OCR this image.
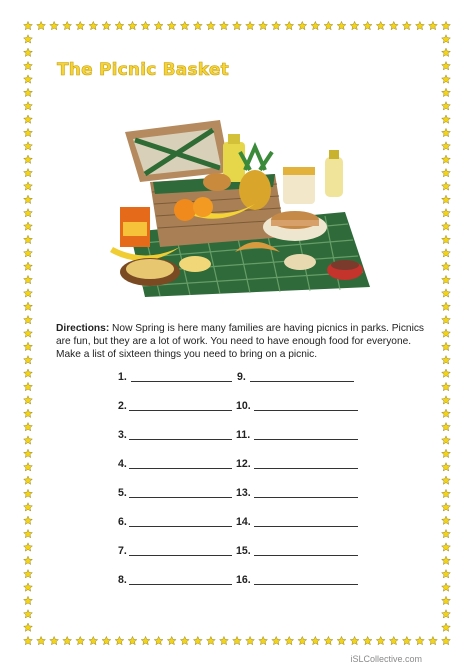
The Picnic Basket
Directions: Now Spring is here many families are having picnics in parks. Picnics are fun, but they are a lot of work. You need to have enough food for everyone. Make a list of sixteen things you need to bring on a picnic.
1.	9.
2.	10.
3.	11.
4.	12.
5.	13.
6.	14.
7.	15.
8.	16.
iSLCollective.com
